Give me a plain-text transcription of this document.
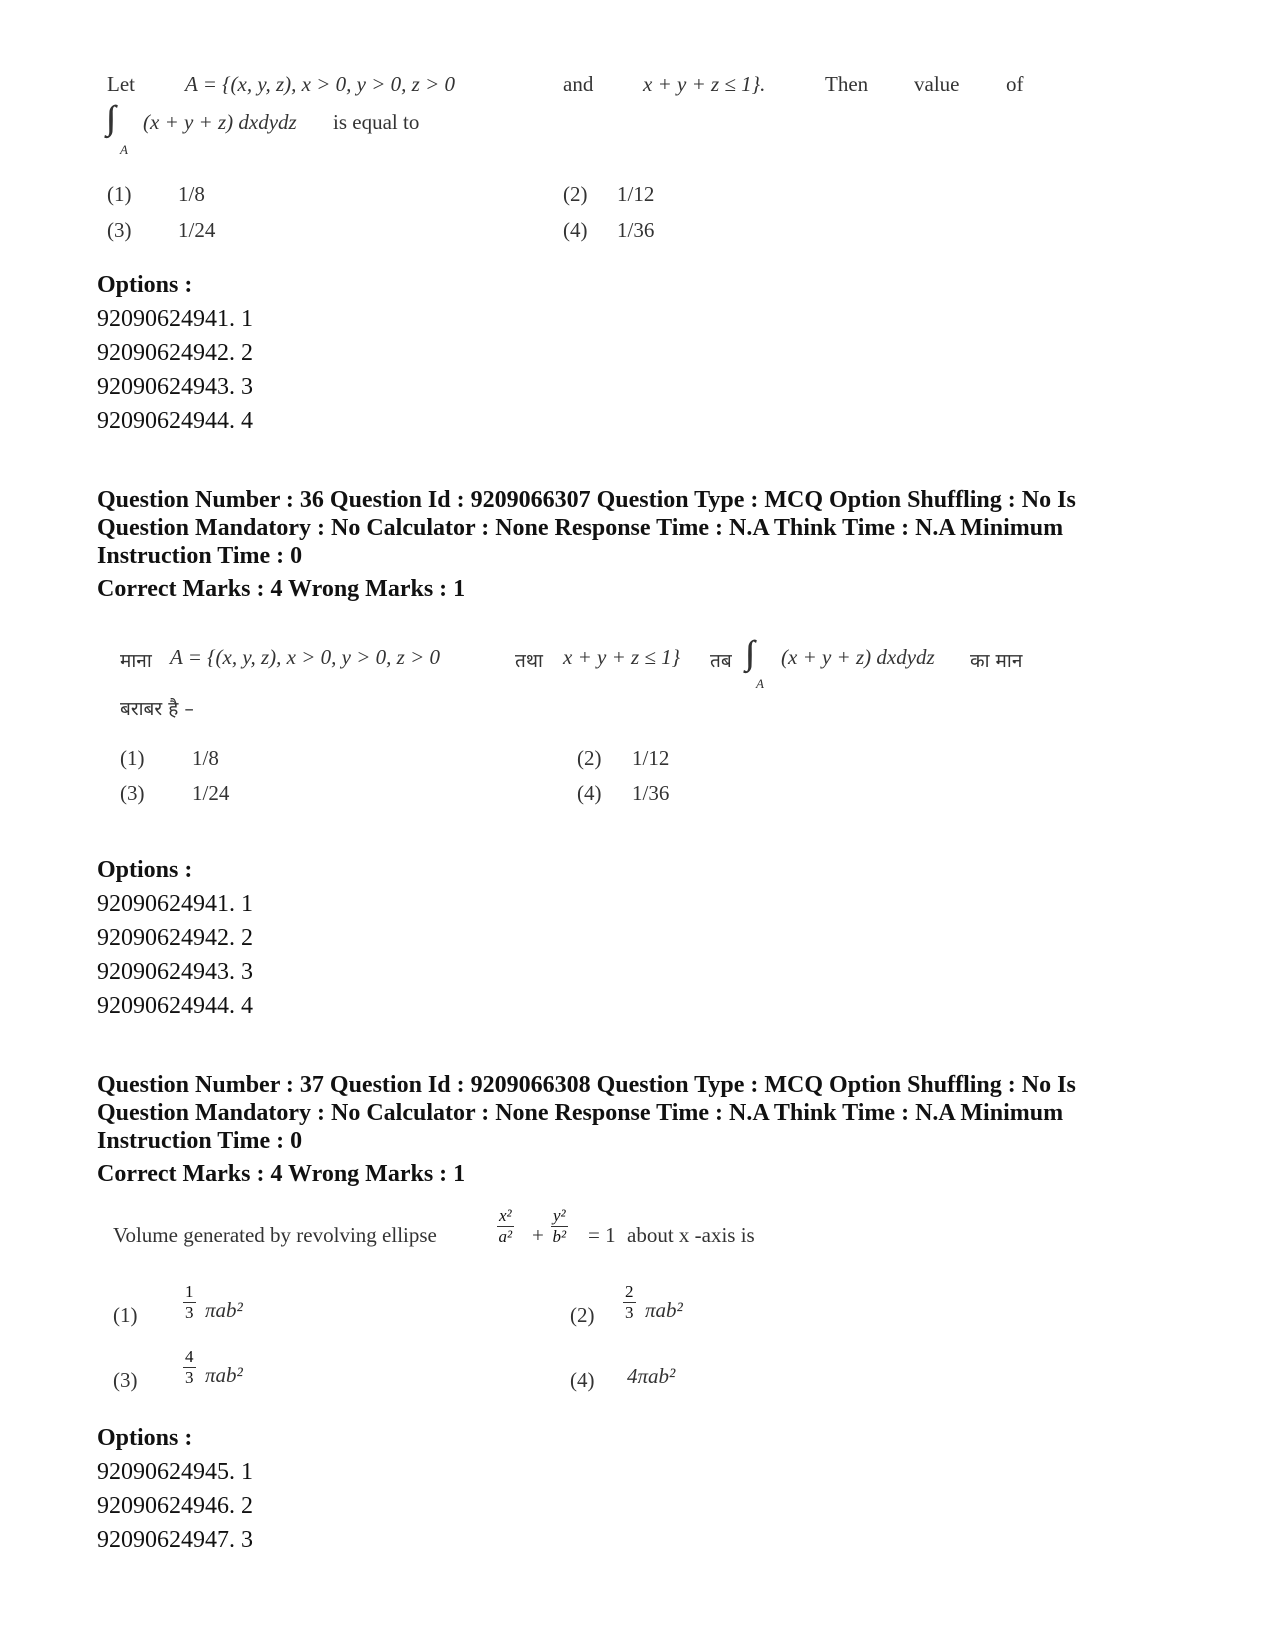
Let A = {(x, y, z), x > 0, y > 0, z > 0	and x + y + z ≤ 1}.	Then value of
∫∫∫
A
(x + y + z) dxdydz is equal to
(1) 1/8	(2) 1/12
(3) 1/24	(4) 1/36
Options :
92090624941. 1
92090624942. 2
92090624943. 3
92090624944. 4
Question Number : 36 Question Id : 9209066307 Question Type : MCQ Option Shuffling : No Is
Question Mandatory : No Calculator : None Response Time : N.A Think Time : N.A Minimum
Instruction Time : 0
Correct Marks : 4 Wrong Marks : 1
माना A = {(x, y, z), x > 0, y > 0, z > 0	तथा x + y + z ≤ 1} तब ∫∫∫
A
(x + y + z) dxdydz का मान
बराबर है –
(1) 1/8	(2) 1/12
(3) 1/24	(4) 1/36
Options :
92090624941. 1
92090624942. 2
92090624943. 3
92090624944. 4
Question Number : 37 Question Id : 9209066308 Question Type : MCQ Option Shuffling : No Is
Question Mandatory : No Calculator : None Response Time : N.A Think Time : N.A Minimum
Instruction Time : 0
Correct Marks : 4 Wrong Marks : 1
Volume generated by revolving ellipse	$\frac{\text{x²}}{\text{a²}} + \frac{\text{y²}}{\text{b²}} = 1$ about x -axis is
(1)	$\frac{1}{3} \pi ab^2$	$(2) \frac{2}{3} \pi ab^2$
(3)	$\frac{4}{3} \pi ab^2$	(4) 4πab²
Options :
92090624945. 1
92090624946. 2
92090624947. 3
